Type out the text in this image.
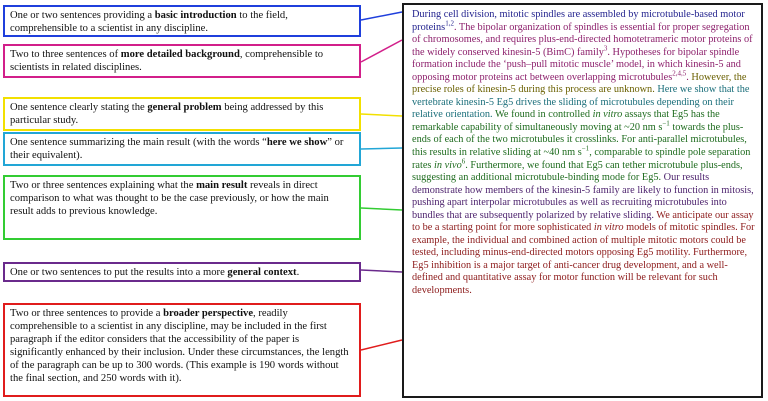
One or two sentences providing a basic introduction to the field, comprehensible to a scientist in any discipline.
Two to three sentences of more detailed background, comprehensible to scientists in related disciplines.
One sentence clearly stating the general problem being addressed by this particular study.
One sentence summarizing the main result (with the words “here we show” or their equivalent).
Two or three sentences explaining what the main result reveals in direct comparison to what was thought to be the case previously, or how the main result adds to previous knowledge.
One or two sentences to put the results into a more general context.
Two or three sentences to provide a broader perspective, readily comprehensible to a scientist in any discipline, may be included in the first paragraph if the editor considers that the accessibility of the paper is significantly enhanced by their inclusion. Under these circumstances, the length of the paragraph can be up to 300 words. (This example is 190 words without the final section, and 250 words with it).
During cell division, mitotic spindles are assembled by microtubule-based motor proteins$^{1,2}$. The bipolar organization of spindles is essential for proper segregation of chromosomes, and requires plus-end-directed homotetrameric motor proteins of the widely conserved kinesin-5 (BimC) family$^3$. Hypotheses for bipolar spindle formation include the ‘push–pull mitotic muscle’ model, in which kinesin-5 and opposing motor proteins act between overlapping microtubules$^{2,4,5}$. However, the precise roles of kinesin-5 during this process are unknown. Here we show that the vertebrate kinesin-5 Eg5 drives the sliding of microtubules depending on their relative orientation. We found in controlled in vitro assays that Eg5 has the remarkable capability of simultaneously moving at ~20 nm $s^{-1}$ towards the plus-ends of each of the two microtubules it crosslinks. For anti-parallel microtubules, this results in relative sliding at ~40 nm $s^{-1}$, comparable to spindle pole separation rates in vivo$^6$. Furthermore, we found that Eg5 can tether microtubule plus-ends, suggesting an additional microtubule-binding mode for Eg5. Our results demonstrate how members of the kinesin-5 family are likely to function in mitosis, pushing apart interpolar microtubules as well as recruiting microtubules into bundles that are subsequently polarized by relative sliding. We anticipate our assay to be a starting point for more sophisticated in vitro models of mitotic spindles. For example, the individual and combined action of multiple mitotic motors could be tested, including minus-end-directed motors opposing Eg5 motility. Furthermore, Eg5 inhibition is a major target of anti-cancer drug development, and a well-defined and quantitative assay for motor function will be relevant for such developments.
